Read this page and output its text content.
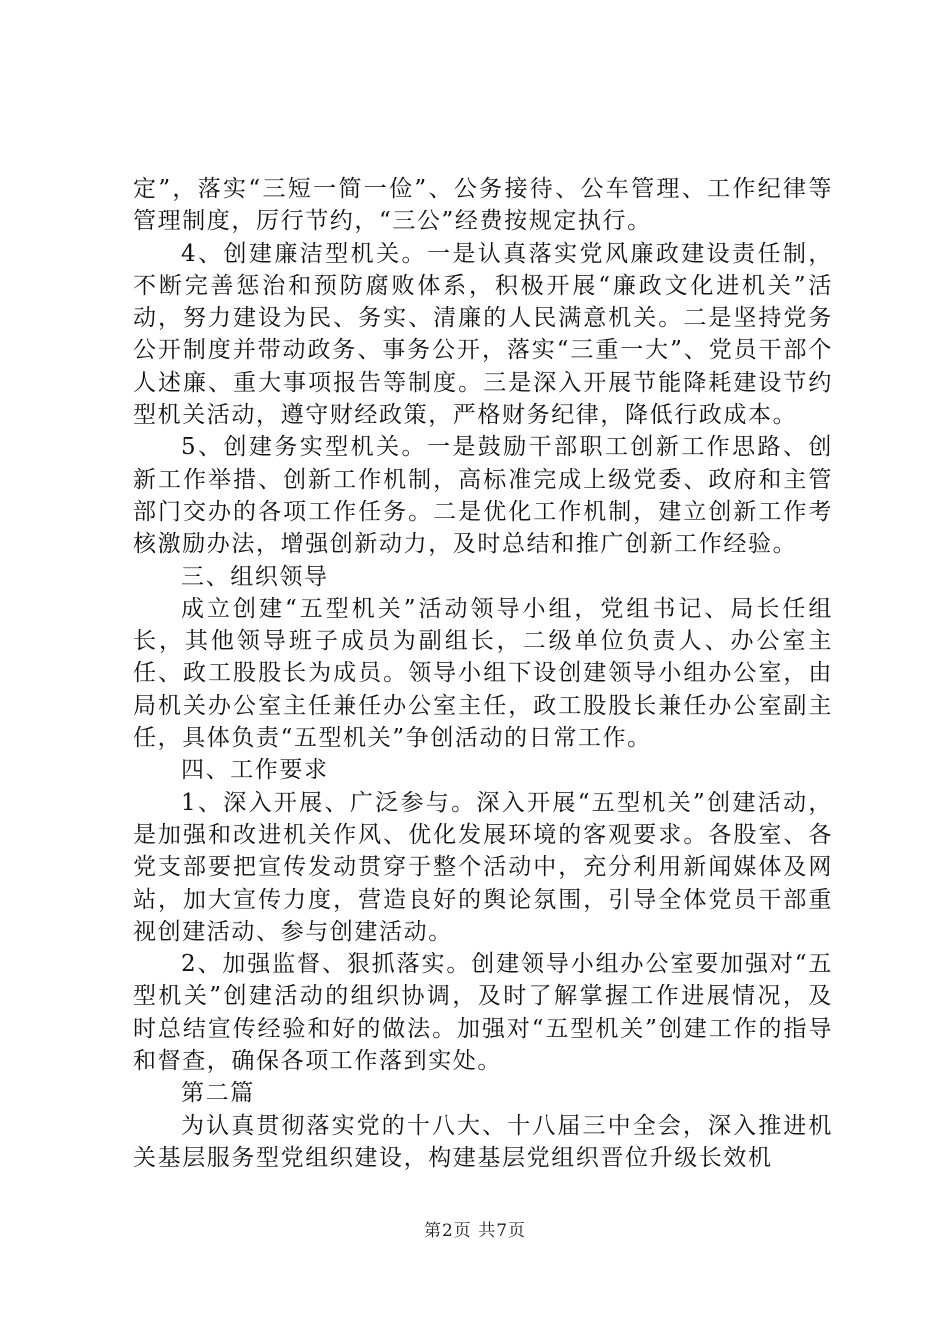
定”，落实“三短一简一俭”、公务接待、公车管理、工作纪律等管理制度，厉行节约，“三公”经费按规定执行。

4、创建廉洁型机关。一是认真落实党风廉政建设责任制，不断完善惩治和预防腐败体系，积极开展“廉政文化进机关”活动，努力建设为民、务实、清廉的人民满意机关。二是坚持党务公开制度并带动政务、事务公开，落实“三重一大”、党员干部个人述廉、重大事项报告等制度。三是深入开展节能降耗建设节约型机关活动，遵守财经政策，严格财务纪律，降低行政成本。

5、创建务实型机关。一是鼓励干部职工创新工作思路、创新工作举措、创新工作机制，高标准完成上级党委、政府和主管部门交办的各项工作任务。二是优化工作机制，建立创新工作考核激励办法，增强创新动力，及时总结和推广创新工作经验。

三、组织领导

成立创建“五型机关”活动领导小组，党组书记、局长任组长，其他领导班子成员为副组长，二级单位负责人、办公室主任、政工股股长为成员。领导小组下设创建领导小组办公室，由局机关办公室主任兼任办公室主任，政工股股长兼任办公室副主任，具体负责“五型机关”争创活动的日常工作。

四、工作要求

1、深入开展、广泛参与。深入开展“五型机关”创建活动，是加强和改进机关作风、优化发展环境的客观要求。各股室、各党支部要把宣传发动贯穿于整个活动中，充分利用新闻媒体及网站，加大宣传力度，营造良好的舆论氛围，引导全体党员干部重视创建活动、参与创建活动。

2、加强监督、狠抓落实。创建领导小组办公室要加强对“五型机关”创建活动的组织协调，及时了解掌握工作进展情况，及时总结宣传经验和好的做法。加强对“五型机关”创建工作的指导和督查，确保各项工作落到实处。

第二篇

为认真贯彻落实党的十八大、十八届三中全会，深入推进机关基层服务型党组织建设，构建基层党组织晋位升级长效机

第2页 共7页
